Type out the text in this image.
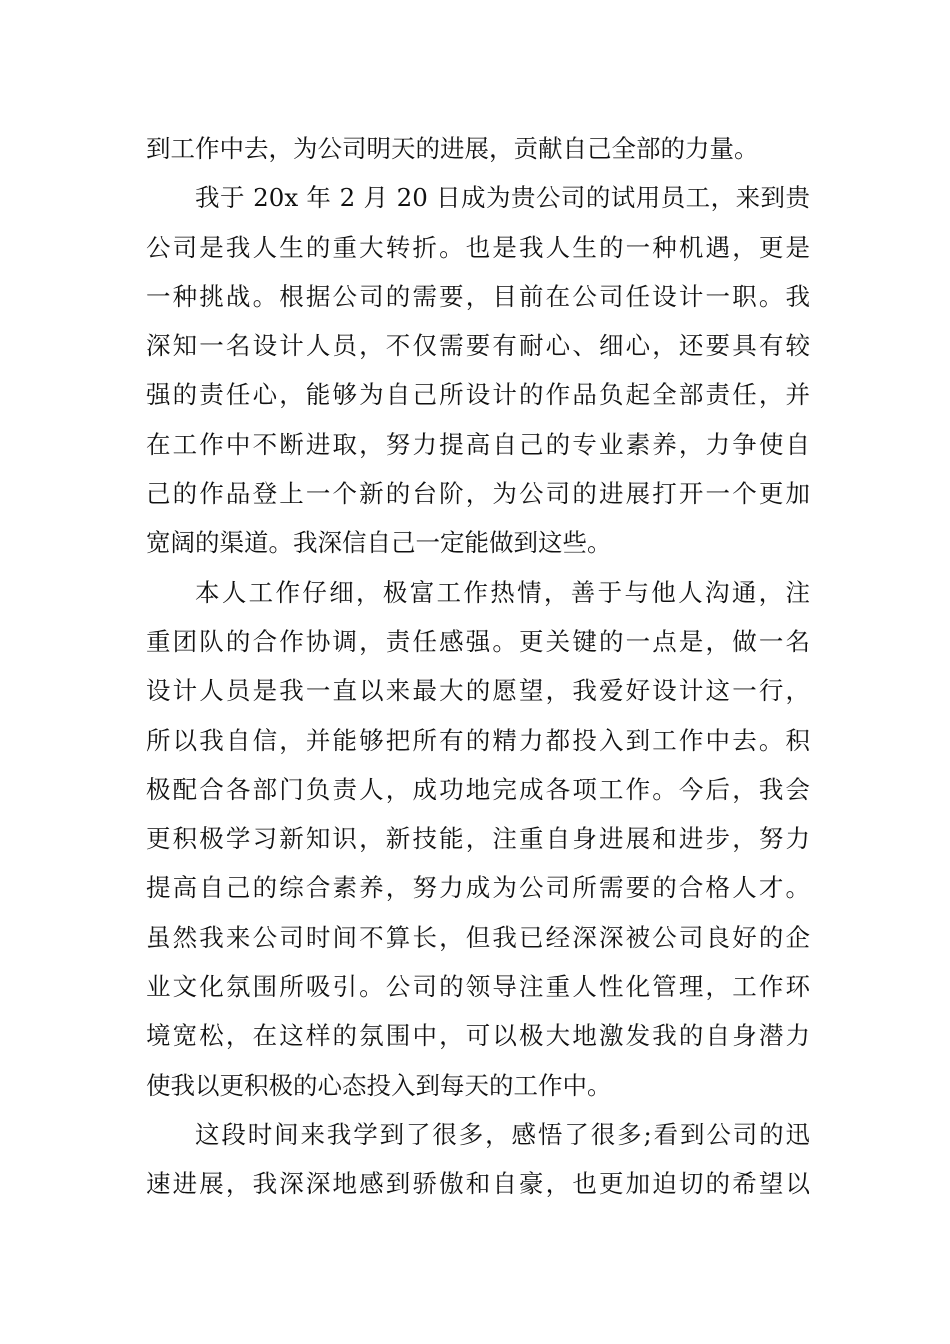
到工作中去，为公司明天的进展，贡献自己全部的力量。
我于 20x 年 2 月 20 日成为贵公司的试用员工，来到贵
公司是我人生的重大转折。也是我人生的一种机遇，更是
一种挑战。根据公司的需要，目前在公司任设计一职。我
深知一名设计人员，不仅需要有耐心、细心，还要具有较
强的责任心，能够为自己所设计的作品负起全部责任，并
在工作中不断进取，努力提高自己的专业素养，力争使自
己的作品登上一个新的台阶，为公司的进展打开一个更加
宽阔的渠道。我深信自己一定能做到这些。
本人工作仔细，极富工作热情，善于与他人沟通，注
重团队的合作协调，责任感强。更关键的一点是，做一名
设计人员是我一直以来最大的愿望，我爱好设计这一行，
所以我自信，并能够把所有的精力都投入到工作中去。积
极配合各部门负责人，成功地完成各项工作。今后，我会
更积极学习新知识，新技能，注重自身进展和进步，努力
提高自己的综合素养，努力成为公司所需要的合格人才。
虽然我来公司时间不算长，但我已经深深被公司良好的企
业文化氛围所吸引。公司的领导注重人性化管理，工作环
境宽松，在这样的氛围中，可以极大地激发我的自身潜力
使我以更积极的心态投入到每天的工作中。
这段时间来我学到了很多，感悟了很多;看到公司的迅
速进展，我深深地感到骄傲和自豪，也更加迫切的希望以
